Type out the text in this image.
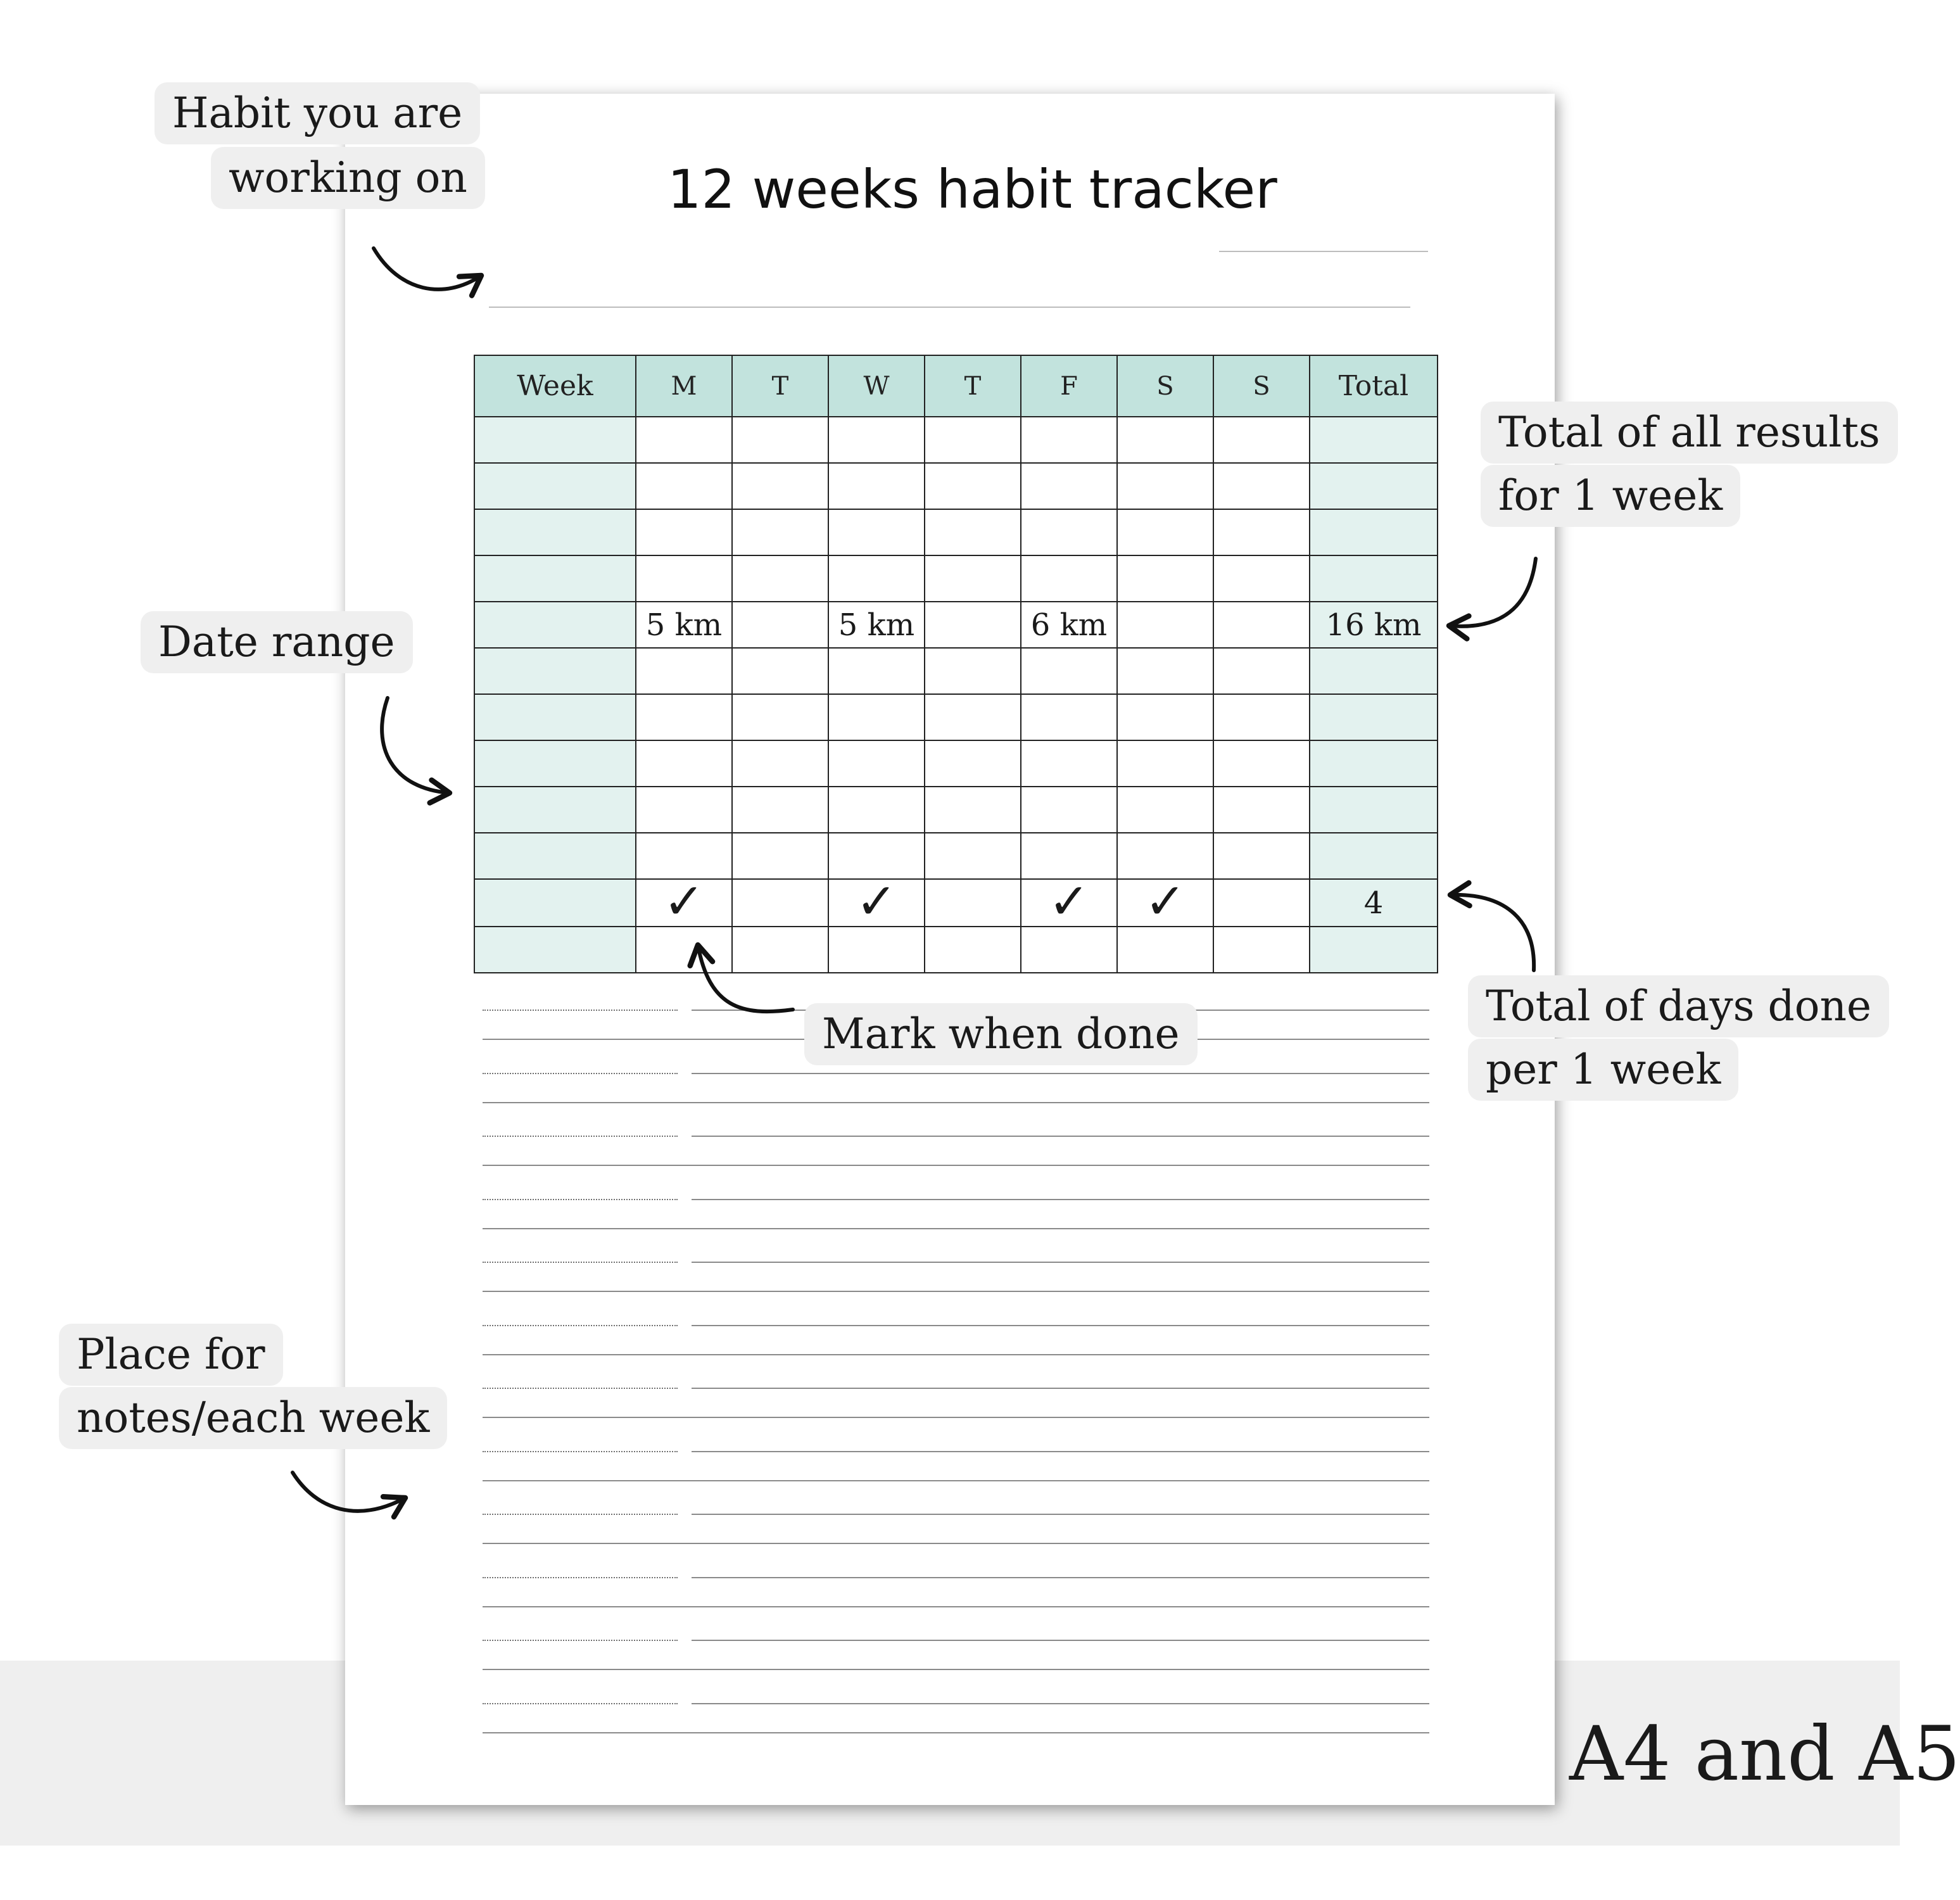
12 weeks habit tracker
Week	M	T	W	T	F	S	S	Total

	5 km		5 km		6 km			16 km

	✓		✓		✓	✓		4

Habit you are
working on
Date range
Total of all results
for 1 week
Mark when done
Total of days done
per 1 week
Place for
notes/each week
A4 and A5
